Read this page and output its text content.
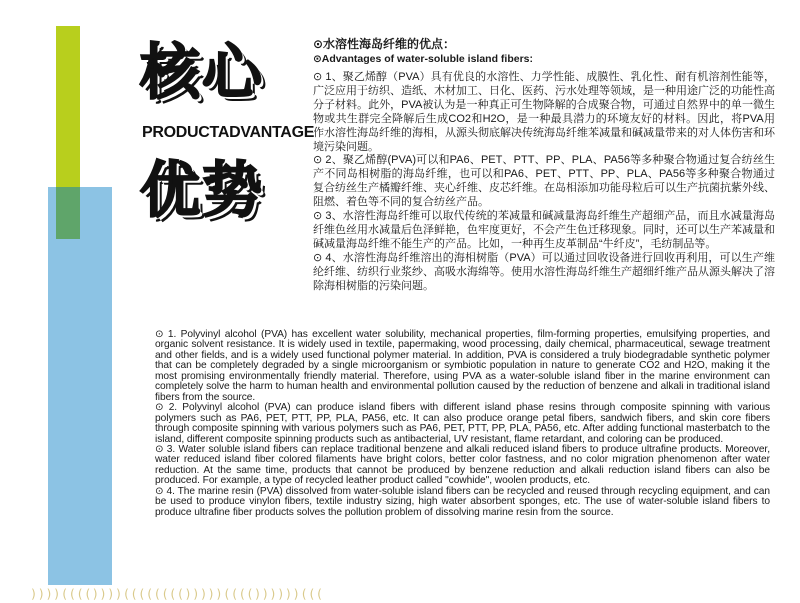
核心
PRODUCTADVANTAGE
优势

⊙水溶性海岛纤维的优点：

⊙Advantages of water-soluble island fibers:

⊙ 1、聚乙烯醇（PVA）具有优良的水溶性、力学性能、成膜性、乳化性、耐有机溶剂性能等，广泛应用于纺织、造纸、木材加工、日化、医药、污水处理等领域，是一种用途广泛的功能性高分子材料。此外，PVA被认为是一种真正可生物降解的合成聚合物，可通过自然界中的单一微生物或共生群完全降解后生成CO2和H2O，是一种最具潜力的环境友好的材料。因此，将PVA用作水溶性海岛纤维的海相，从源头彻底解决传统海岛纤维苯减量和碱减量带来的对人体伤害和环境污染问题。

⊙ 2、聚乙烯醇(PVA)可以和PA6、PET、PTT、PP、PLA、PA56等多种聚合物通过复合纺丝生产不同岛相树脂的海岛纤维，也可以和PA6、PET、PTT、PP、PLA、PA56等多种聚合物通过复合纺丝生产橘瓣纤维、夹心纤维、皮芯纤维。在岛相添加功能母粒后可以生产抗菌抗紫外线、阻燃、着色等不同的复合纺丝产品。

⊙ 3、水溶性海岛纤维可以取代传统的苯减量和碱减量海岛纤维生产超细产品，而且水减量海岛纤维色丝用水减量后色泽鲜艳，色牢度更好，不会产生色迁移现象。同时，还可以生产苯减量和碱减量海岛纤维不能生产的产品。比如，一种再生皮革制品“牛纤皮”，毛纺制品等。

⊙ 4、水溶性海岛纤维溶出的海相树脂（PVA）可以通过回收设备进行回收再利用，可以生产维纶纤维、纺织行业浆纱、高吸水海绵等。使用水溶性海岛纤维生产超细纤维产品从源头解决了溶除海相树脂的污染问题。

⊙ 1. Polyvinyl alcohol (PVA) has excellent water solubility, mechanical properties, film-forming properties, emulsifying properties, and organic solvent resistance. It is widely used in textile, papermaking, wood processing, daily chemical, pharmaceutical, sewage treatment and other fields, and is a widely used functional polymer material. In addition, PVA is considered a truly biodegradable synthetic polymer that can be completely degraded by a single microorganism or symbiotic population in nature to generate CO2 and H2O, making it the most promising environmentally friendly material. Therefore, using PVA as a water-soluble island fiber in the marine environment can completely solve the harm to human health and environmental pollution caused by the reduction of benzene and alkali in traditional island fibers from the source.

⊙ 2. Polyvinyl alcohol (PVA) can produce island fibers with different island phase resins through composite spinning with various polymers such as PA6, PET, PTT, PP, PLA, PA56, etc. It can also produce orange petal fibers, sandwich fibers, and skin core fibers through composite spinning with various polymers such as PA6, PET, PTT, PP, PLA, PA56, etc. After adding functional masterbatch to the island, different composite spinning products such as antibacterial, UV resistant, flame retardant, and coloring can be produced.

⊙ 3. Water soluble island fibers can replace traditional benzene and alkali reduced island fibers to produce ultrafine products. Moreover, water reduced island fiber colored filaments have bright colors, better color fastness, and no color migration phenomenon after water reduction. At the same time, products that cannot be produced by benzene reduction and alkali reduction island fibers can also be produced. For example, a type of recycled leather product called "cowhide", woolen products, etc.

⊙ 4. The marine resin (PVA) dissolved from water-soluble island fibers can be recycled and reused through recycling equipment, and can be used to produce vinylon fibers, textile industry sizing, high water absorbent sponges, etc. The use of water-soluble island fibers to produce ultrafine fiber products solves the pollution problem of dissolving marine resin from the source.

))))(((())))(((((((()))))(((())))))(((
